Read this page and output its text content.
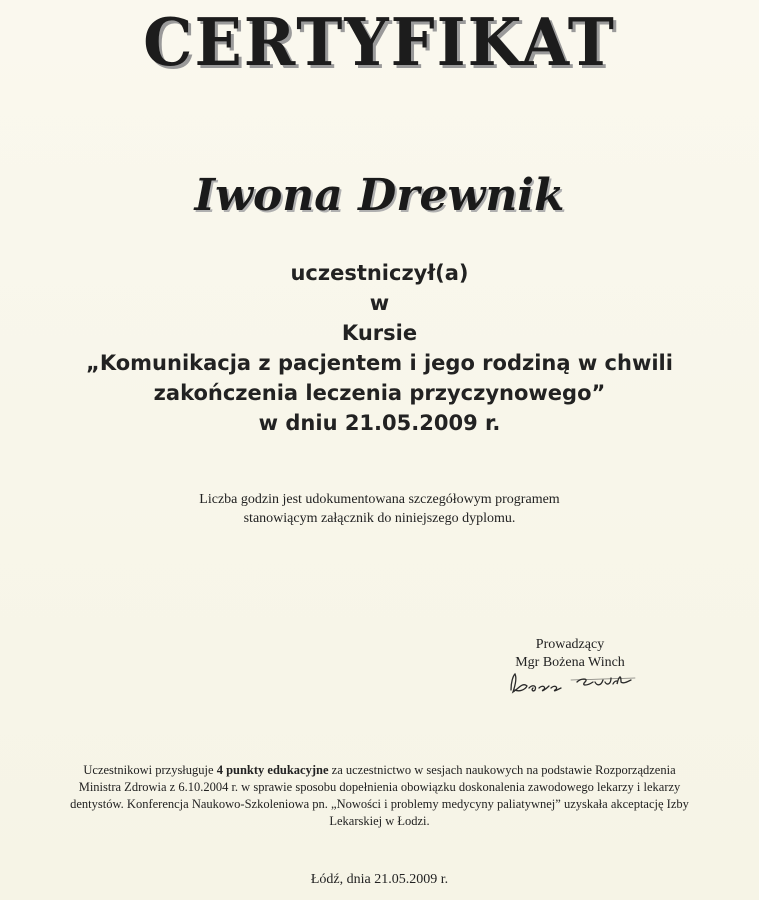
CERTYFIKAT
Iwona Drewnik
uczestniczył(a)
w
Kursie
„Komunikacja z pacjentem i jego rodziną w chwili
zakończenia leczenia przyczynowego”
w dniu 21.05.2009 r.
Liczba godzin jest udokumentowana szczegółowym programem
stanowiącym załącznik do niniejszego dyplomu.
Prowadzący
Mgr Bożena Winch
Uczestnikowi przysługuje 4 punkty edukacyjne za uczestnictwo w sesjach naukowych na podstawie Rozporządzenia
Ministra Zdrowia z 6.10.2004 r. w sprawie sposobu dopełnienia obowiązku doskonalenia zawodowego lekarzy i lekarzy
dentystów. Konferencja Naukowo-Szkoleniowa pn. „Nowości i problemy medycyny paliatywnej” uzyskała akceptację Izby
Lekarskiej w Łodzi.
Łódź, dnia 21.05.2009 r.
